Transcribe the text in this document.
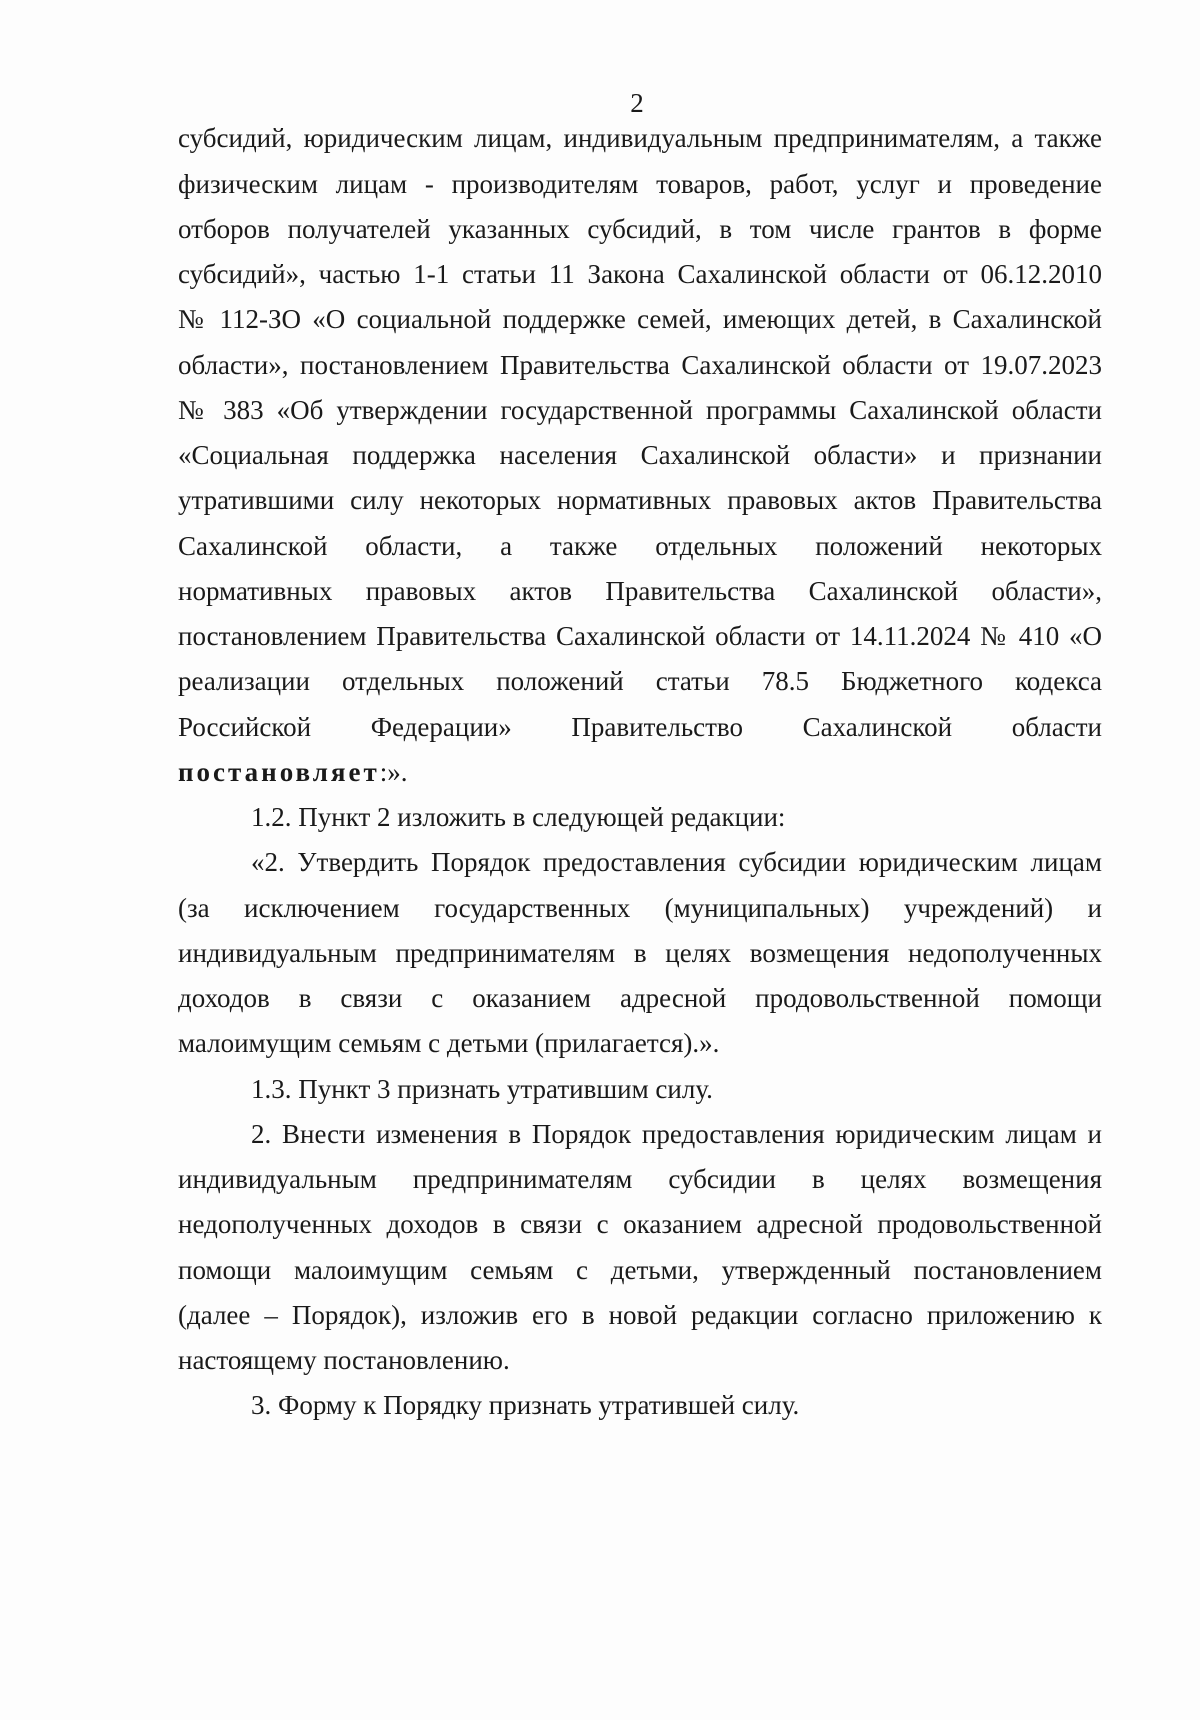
2
субсидий, юридическим лицам, индивидуальным предпринимателям, а также
физическим лицам - производителям товаров, работ, услуг и проведение
отборов получателей указанных субсидий, в том числе грантов в форме
субсидий», частью 1-1 статьи 11 Закона Сахалинской области от 06.12.2010
№ 112-ЗО «О социальной поддержке семей, имеющих детей, в Сахалинской
области», постановлением Правительства Сахалинской области от 19.07.2023
№ 383 «Об утверждении государственной программы Сахалинской области
«Социальная поддержка населения Сахалинской области» и признании
утратившими силу некоторых нормативных правовых актов Правительства
Сахалинской области, а также отдельных положений некоторых
нормативных правовых актов Правительства Сахалинской области»,
постановлением Правительства Сахалинской области от 14.11.2024 № 410 «О
реализации отдельных положений статьи 78.5 Бюджетного кодекса
Российской Федерации» Правительство Сахалинской области
постановляет:».
1.2. Пункт 2 изложить в следующей редакции:
«2. Утвердить Порядок предоставления субсидии юридическим лицам
(за исключением государственных (муниципальных) учреждений) и
индивидуальным предпринимателям в целях возмещения недополученных
доходов в связи с оказанием адресной продовольственной помощи
малоимущим семьям с детьми (прилагается).».
1.3. Пункт 3 признать утратившим силу.
2. Внести изменения в Порядок предоставления юридическим лицам и
индивидуальным предпринимателям субсидии в целях возмещения
недополученных доходов в связи с оказанием адресной продовольственной
помощи малоимущим семьям с детьми, утвержденный постановлением
(далее – Порядок), изложив его в новой редакции согласно приложению к
настоящему постановлению.
3. Форму к Порядку признать утратившей силу.
